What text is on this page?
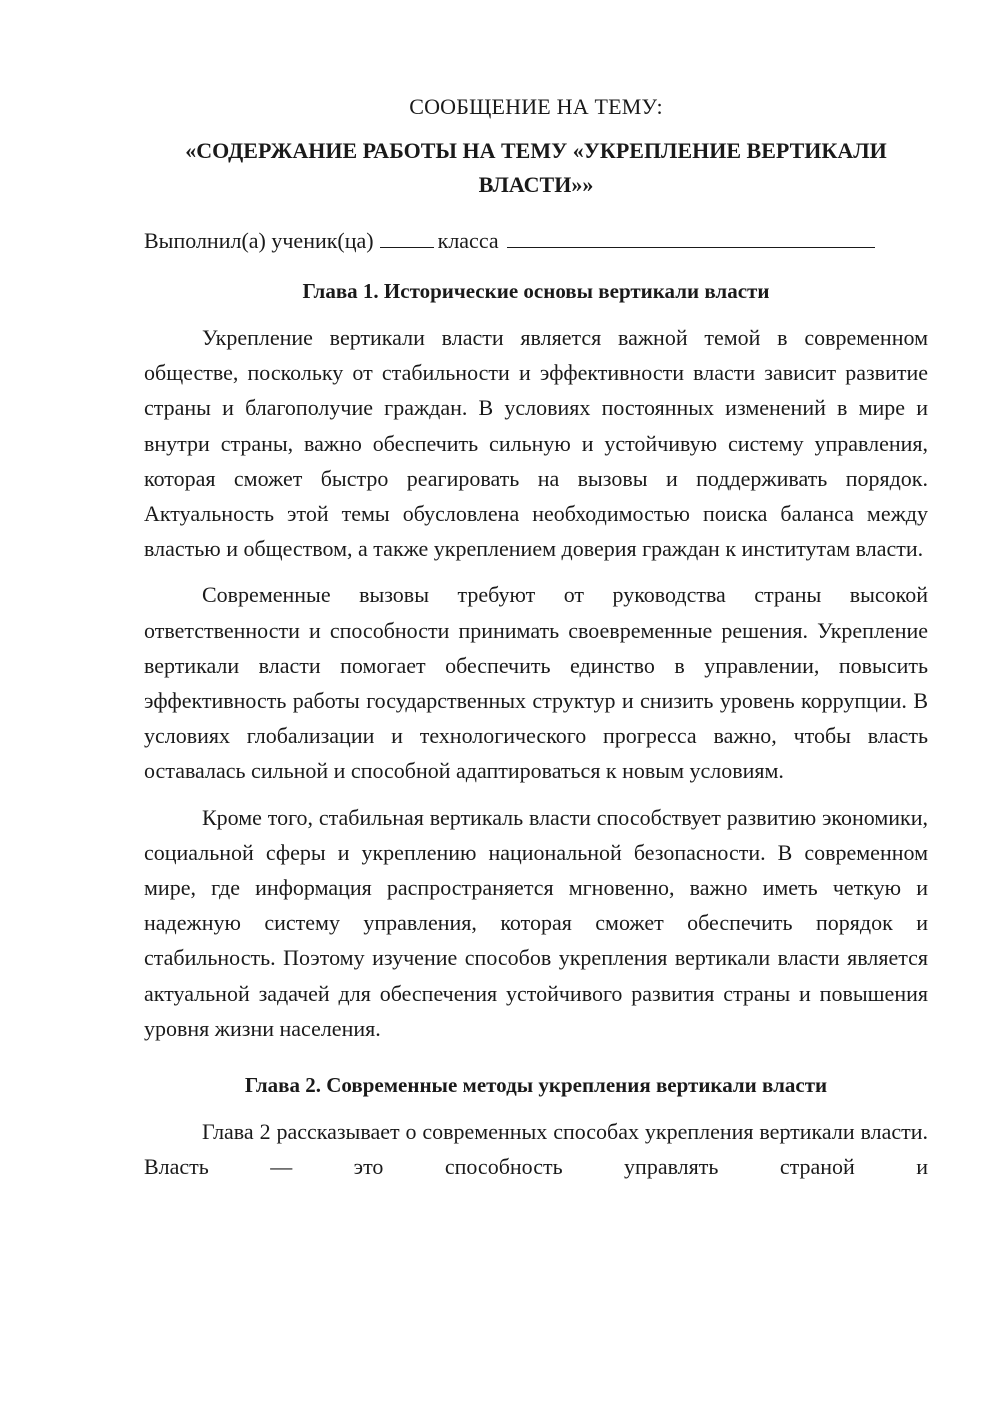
СООБЩЕНИЕ НА ТЕМУ:
«СОДЕРЖАНИЕ РАБОТЫ НА ТЕМУ «УКРЕПЛЕНИЕ ВЕРТИКАЛИ ВЛАСТИ»»
Выполнил(а) ученик(ца)	класса
Глава 1. Исторические основы вертикали власти

Укрепление вертикали власти является важной темой в современном обществе, поскольку от стабильности и эффективности власти зависит развитие страны и благополучие граждан. В условиях постоянных изменений в мире и внутри страны, важно обеспечить сильную и устойчивую систему управления, которая сможет быстро реагировать на вызовы и поддерживать порядок. Актуальность этой темы обусловлена необходимостью поиска баланса между властью и обществом, а также укреплением доверия граждан к институтам власти.

Современные вызовы требуют от руководства страны высокой ответственности и способности принимать своевременные решения. Укрепление вертикали власти помогает обеспечить единство в управлении, повысить эффективность работы государственных структур и снизить уровень коррупции. В условиях глобализации и технологического прогресса важно, чтобы власть оставалась сильной и способной адаптироваться к новым условиям.

Кроме того, стабильная вертикаль власти способствует развитию экономики, социальной сферы и укреплению национальной безопасности. В современном мире, где информация распространяется мгновенно, важно иметь четкую и надежную систему управления, которая сможет обеспечить порядок и стабильность. Поэтому изучение способов укрепления вертикали власти является актуальной задачей для обеспечения устойчивого развития страны и повышения уровня жизни населения.

Глава 2. Современные методы укрепления вертикали власти

Глава 2 рассказывает о современных способах укрепления вертикали власти. Власть — это способность управлять страной и
